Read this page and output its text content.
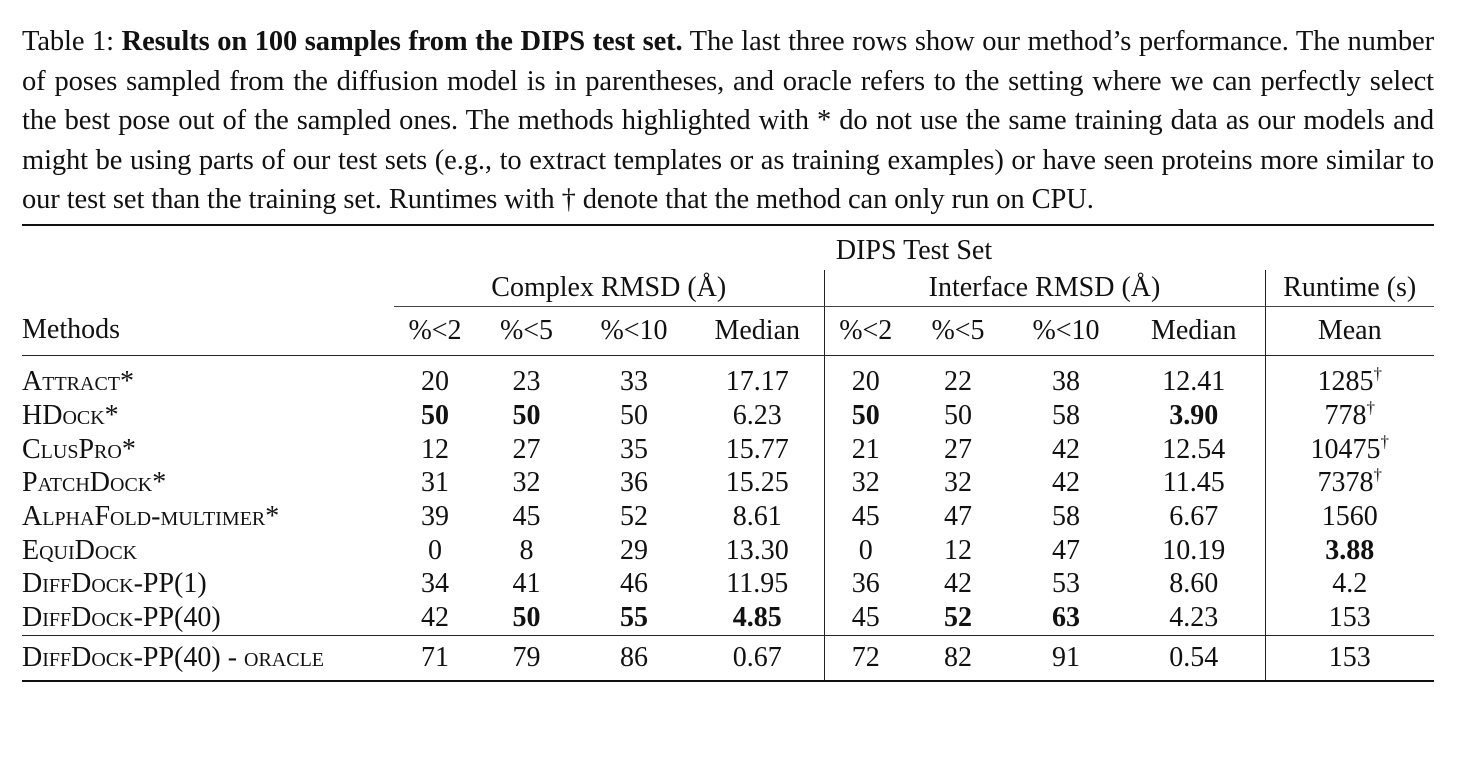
Table 1: Results on 100 samples from the DIPS test set. The last three rows show our method’s performance. The number of poses sampled from the diffusion model is in parentheses, and oracle refers to the setting where we can perfectly select the best pose out of the sampled ones. The methods highlighted with * do not use the same training data as our models and might be using parts of our test sets (e.g., to extract templates or as training examples) or have seen proteins more similar to our test set than the training set. Runtimes with † denote that the method can only run on CPU.
	DIPS Test Set								
	Complex RMSD (Å)				Interface RMSD (Å)				Runtime (s)
Methods	%<2	%<5	%<10	Median	%<2	%<5	%<10	Median	Mean
Attract*	20	23	33	17.17	20	22	38	12.41	1285†
HDock*	50	50	50	6.23	50	50	58	3.90	778†
ClusPro*	12	27	35	15.77	21	27	42	12.54	10475†
PatchDock*	31	32	36	15.25	32	32	42	11.45	7378†
AlphaFold-multimer*	39	45	52	8.61	45	47	58	6.67	1560
EquiDock	0	8	29	13.30	0	12	47	10.19	3.88
DiffDock-PP(1)	34	41	46	11.95	36	42	53	8.60	4.2
DiffDock-PP(40)	42	50	55	4.85	45	52	63	4.23	153
DiffDock-PP(40) - oracle	71	79	86	0.67	72	82	91	0.54	153
